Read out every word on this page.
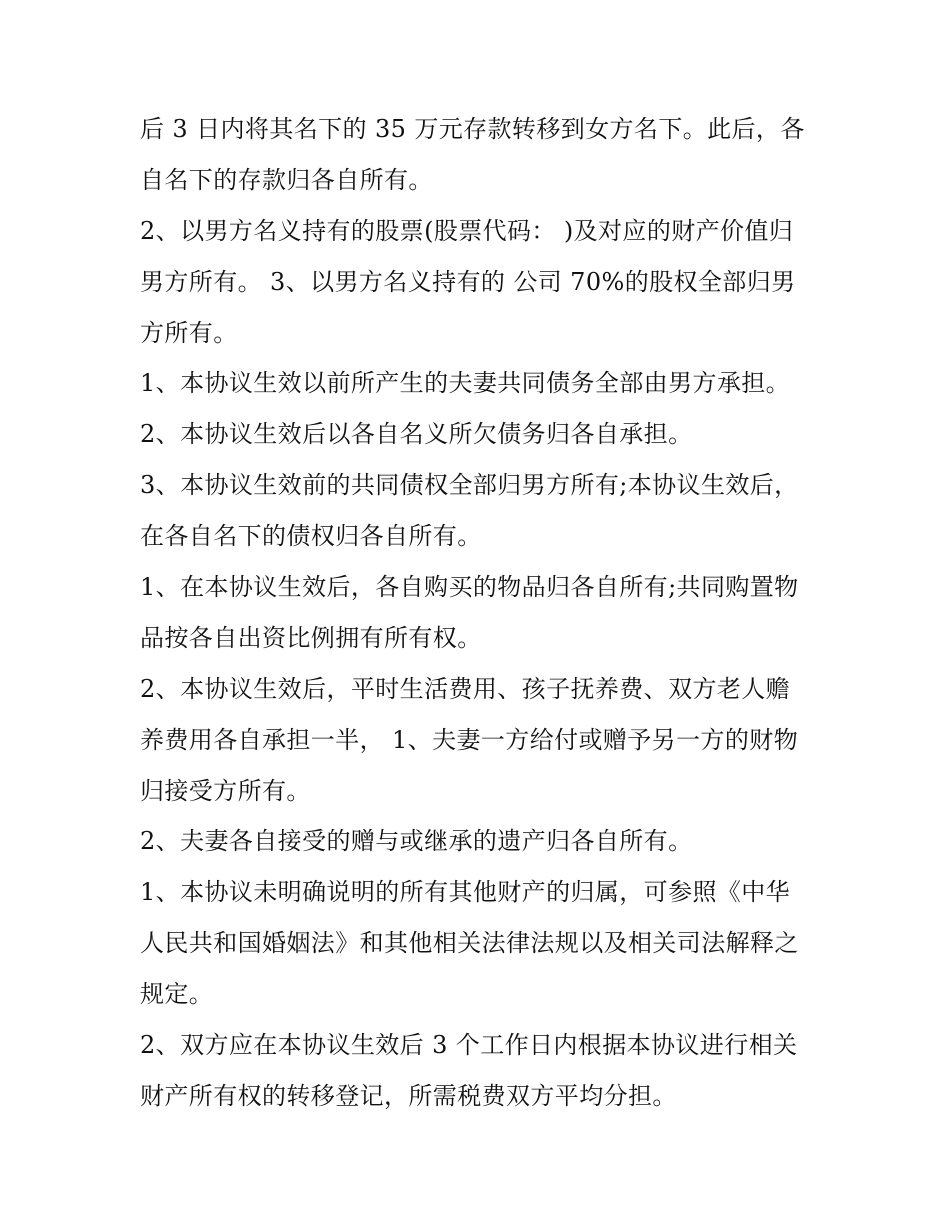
后 3 日内将其名下的 35 万元存款转移到女方名下。此后，各
自名下的存款归各自所有。
2、以男方名义持有的股票(股票代码： )及对应的财产价值归
男方所有。 3、以男方名义持有的 公司 70%的股权全部归男
方所有。
1、本协议生效以前所产生的夫妻共同债务全部由男方承担。
2、本协议生效后以各自名义所欠债务归各自承担。
3、本协议生效前的共同债权全部归男方所有;本协议生效后，
在各自名下的债权归各自所有。
1、在本协议生效后，各自购买的物品归各自所有;共同购置物
品按各自出资比例拥有所有权。
2、本协议生效后，平时生活费用、孩子抚养费、双方老人赡
养费用各自承担一半， 1、夫妻一方给付或赠予另一方的财物
归接受方所有。
2、夫妻各自接受的赠与或继承的遗产归各自所有。
1、本协议未明确说明的所有其他财产的归属，可参照《中华
人民共和国婚姻法》和其他相关法律法规以及相关司法解释之
规定。
2、双方应在本协议生效后 3 个工作日内根据本协议进行相关
财产所有权的转移登记，所需税费双方平均分担。
